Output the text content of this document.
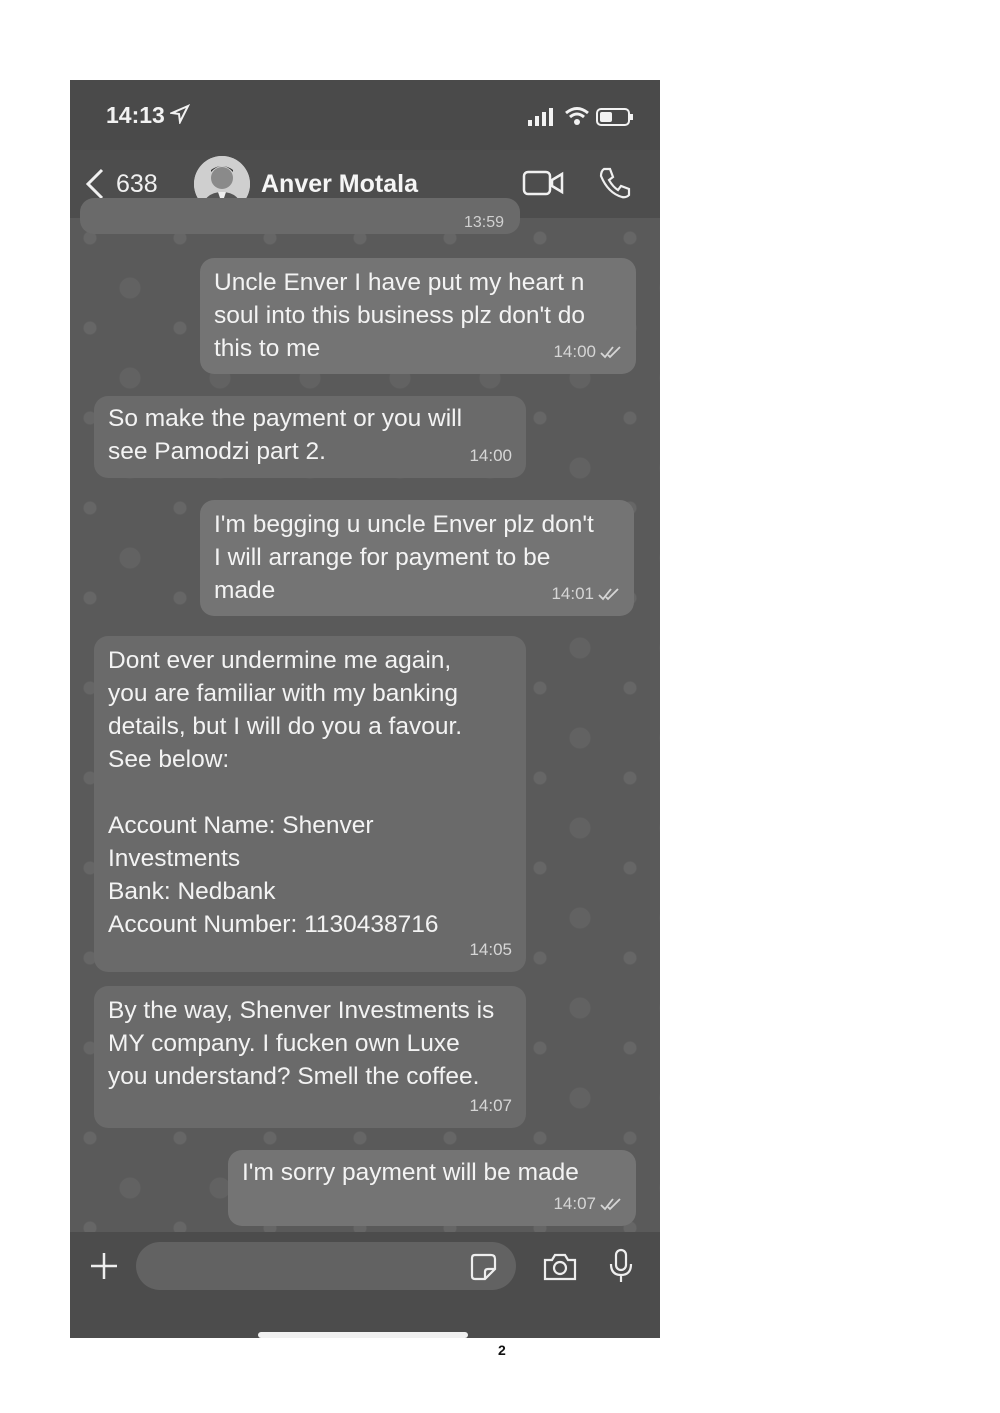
14:13
638	Anver Motala
13:59
Uncle Enver I have put my heart n
soul into this business plz don't do
this to me	14:00
So make the payment or you will
see Pamodzi part 2.	14:00
I'm begging u uncle Enver plz don't
I will arrange for payment to be
made	14:01
Dont ever undermine me again,
you are familiar with my banking
details, but I will do you a favour.
See below:

Account Name: Shenver
Investments
Bank: Nedbank
Account Number: 1130438716
14:05
By the way, Shenver Investments is
MY company. I fucken own Luxe
you understand? Smell the coffee.
14:07
I'm sorry payment will be made
14:07
2
